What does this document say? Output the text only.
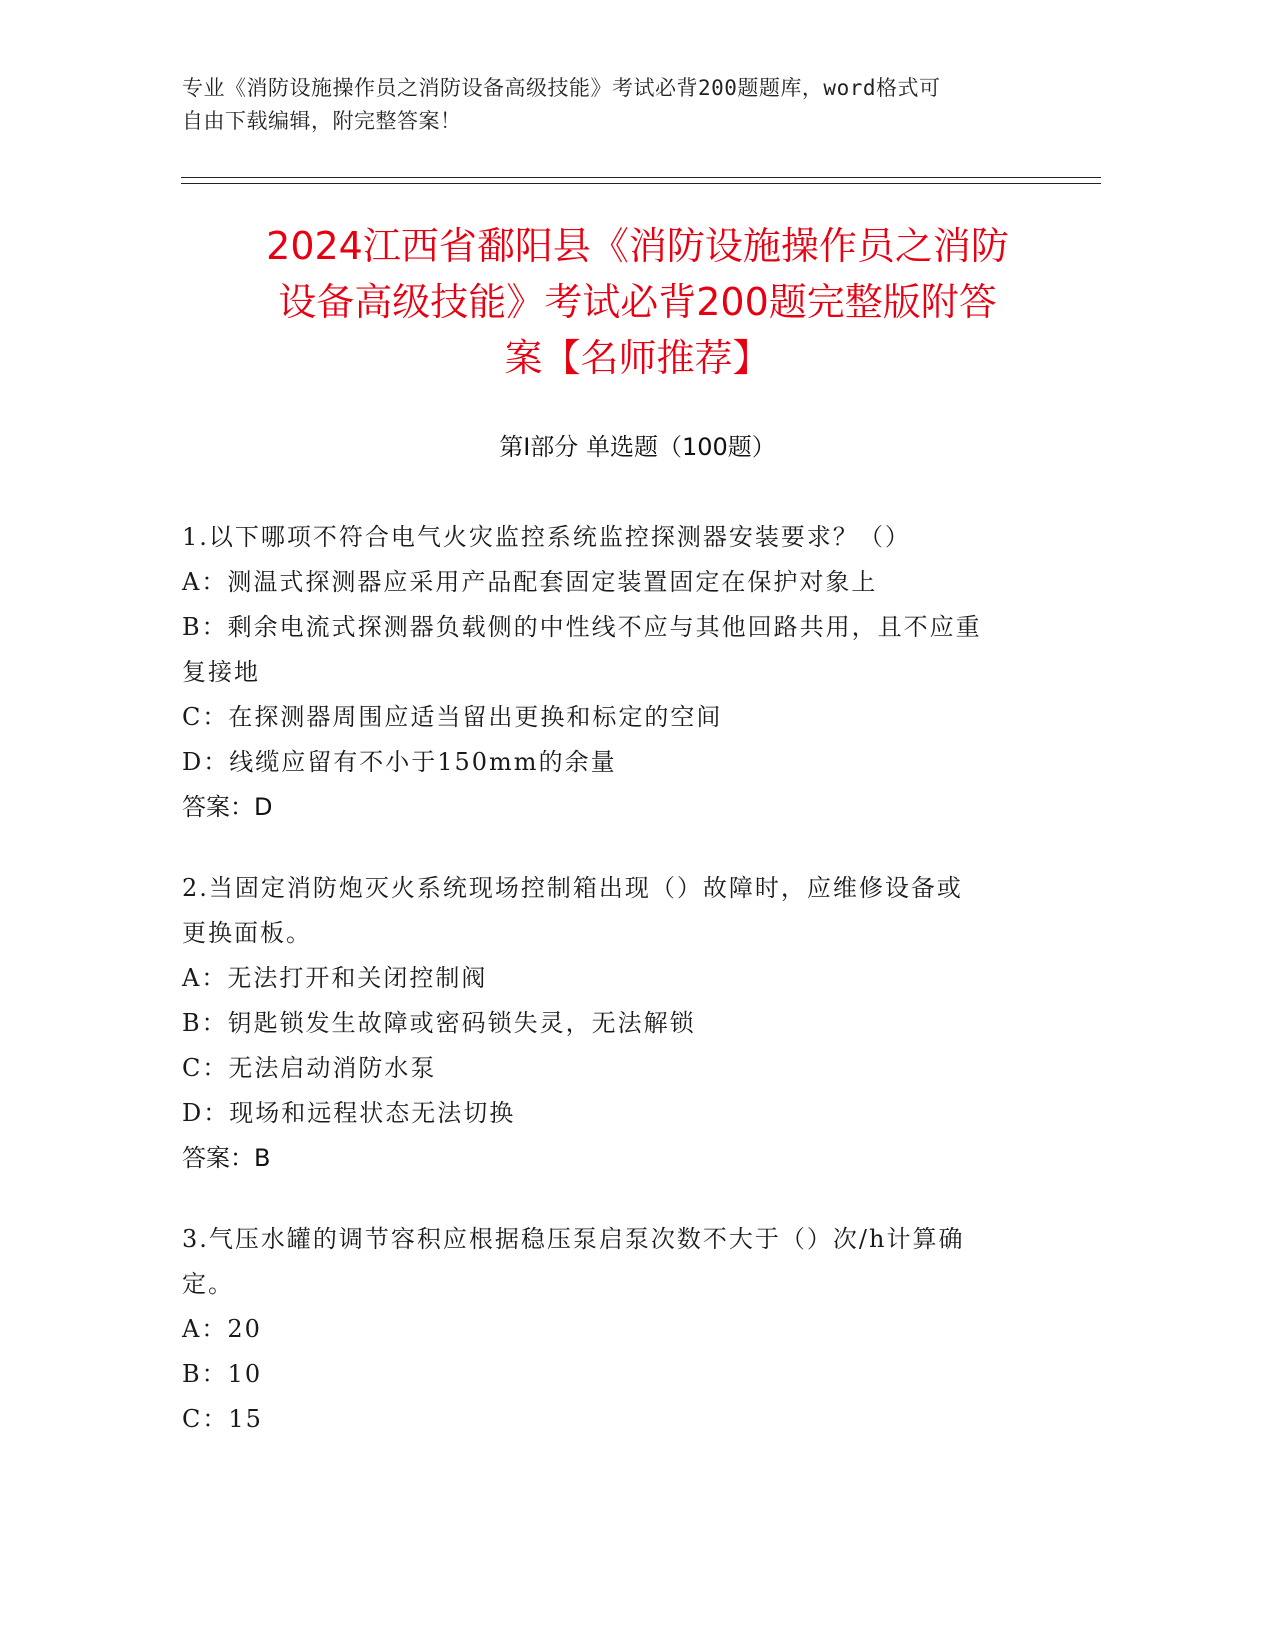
专业《消防设施操作员之消防设备高级技能》考试必背200题题库，word格式可
自由下载编辑，附完整答案！
2024江西省鄱阳县《消防设施操作员之消防
设备高级技能》考试必背200题完整版附答
案【名师推荐】
第Ⅰ部分 单选题（100题）

1.以下哪项不符合电气火灾监控系统监控探测器安装要求？（）

A：测温式探测器应采用产品配套固定装置固定在保护对象上

B：剩余电流式探测器负载侧的中性线不应与其他回路共用，且不应重

复接地

C：在探测器周围应适当留出更换和标定的空间

D：线缆应留有不小于150mm的余量

答案：D

2.当固定消防炮灭火系统现场控制箱出现（）故障时，应维修设备或

更换面板。

A：无法打开和关闭控制阀

B：钥匙锁发生故障或密码锁失灵，无法解锁

C：无法启动消防水泵

D：现场和远程状态无法切换

答案：B

3.气压水罐的调节容积应根据稳压泵启泵次数不大于（）次/h计算确

定。

A：20

B：10

C：15
